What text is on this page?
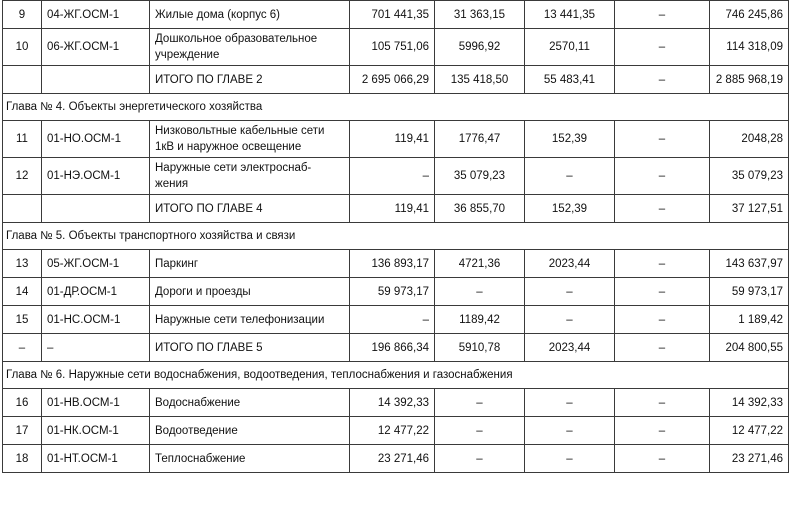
9	04-ЖГ.ОСМ-1	Жилые дома (корпус 6)	701 441,35	31 363,15	13 441,35	–	746 245,86
10	06-ЖГ.ОСМ-1	Дошкольное образовательное
учреждение	105 751,06	5996,92	2570,11	–	114 318,09
		ИТОГО ПО ГЛАВЕ 2	2 695 066,29	135 418,50	55 483,41	–	2 885 968,19
Глава № 4. Объекты энергетического хозяйства							
11	01-НО.ОСМ-1	Низковольтные кабельные сети
1кВ и наружное освещение	119,41	1776,47	152,39	–	2048,28
12	01-НЭ.ОСМ-1	Наружные сети электроснаб-
жения	–	35 079,23	–	–	35 079,23
		ИТОГО ПО ГЛАВЕ 4	119,41	36 855,70	152,39	–	37 127,51
Глава № 5. Объекты транспортного хозяйства и связи							
13	05-ЖГ.ОСМ-1	Паркинг	136 893,17	4721,36	2023,44	–	143 637,97
14	01-ДР.ОСМ-1	Дороги и проезды	59 973,17	–	–	–	59 973,17
15	01-НС.ОСМ-1	Наружные сети телефонизации	–	1189,42	–	–	1 189,42
–	–	ИТОГО ПО ГЛАВЕ 5	196 866,34	5910,78	2023,44	–	204 800,55
Глава № 6. Наружные сети водоснабжения, водоотведения, теплоснабжения и газоснабжения							
16	01-НВ.ОСМ-1	Водоснабжение	14 392,33	–	–	–	14 392,33
17	01-НК.ОСМ-1	Водоотведение	12 477,22	–	–	–	12 477,22
18	01-НТ.ОСМ-1	Теплоснабжение	23 271,46	–	–	–	23 271,46
